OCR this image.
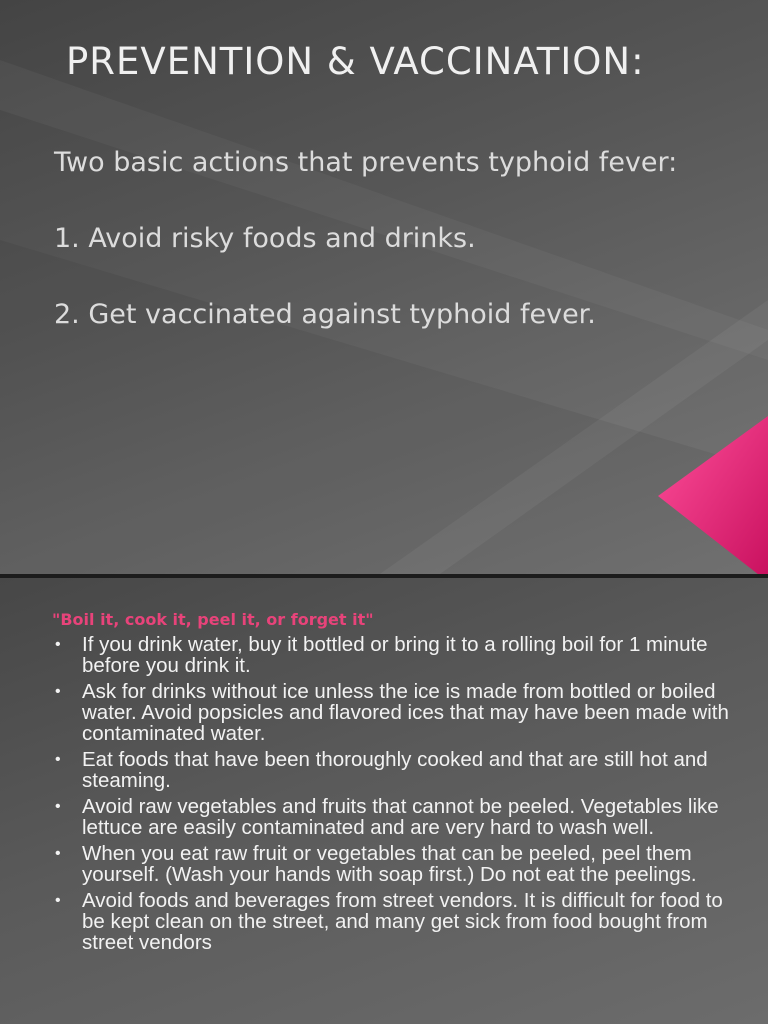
PREVENTION & VACCINATION:

Two basic actions that prevents typhoid fever:

1. Avoid risky foods and drinks.

2. Get vaccinated against typhoid fever.

"Boil it, cook it, peel it, or forget it"
• If you drink water, buy it bottled or bring it to a rolling boil for 1 minute before you drink it.
• Ask for drinks without ice unless the ice is made from bottled or boiled water. Avoid popsicles and flavored ices that may have been made with contaminated water.
• Eat foods that have been thoroughly cooked and that are still hot and steaming.
• Avoid raw vegetables and fruits that cannot be peeled. Vegetables like lettuce are easily contaminated and are very hard to wash well.
• When you eat raw fruit or vegetables that can be peeled, peel them yourself. (Wash your hands with soap first.) Do not eat the peelings.
• Avoid foods and beverages from street vendors. It is difficult for food to be kept clean on the street, and many get sick from food bought from street vendors
